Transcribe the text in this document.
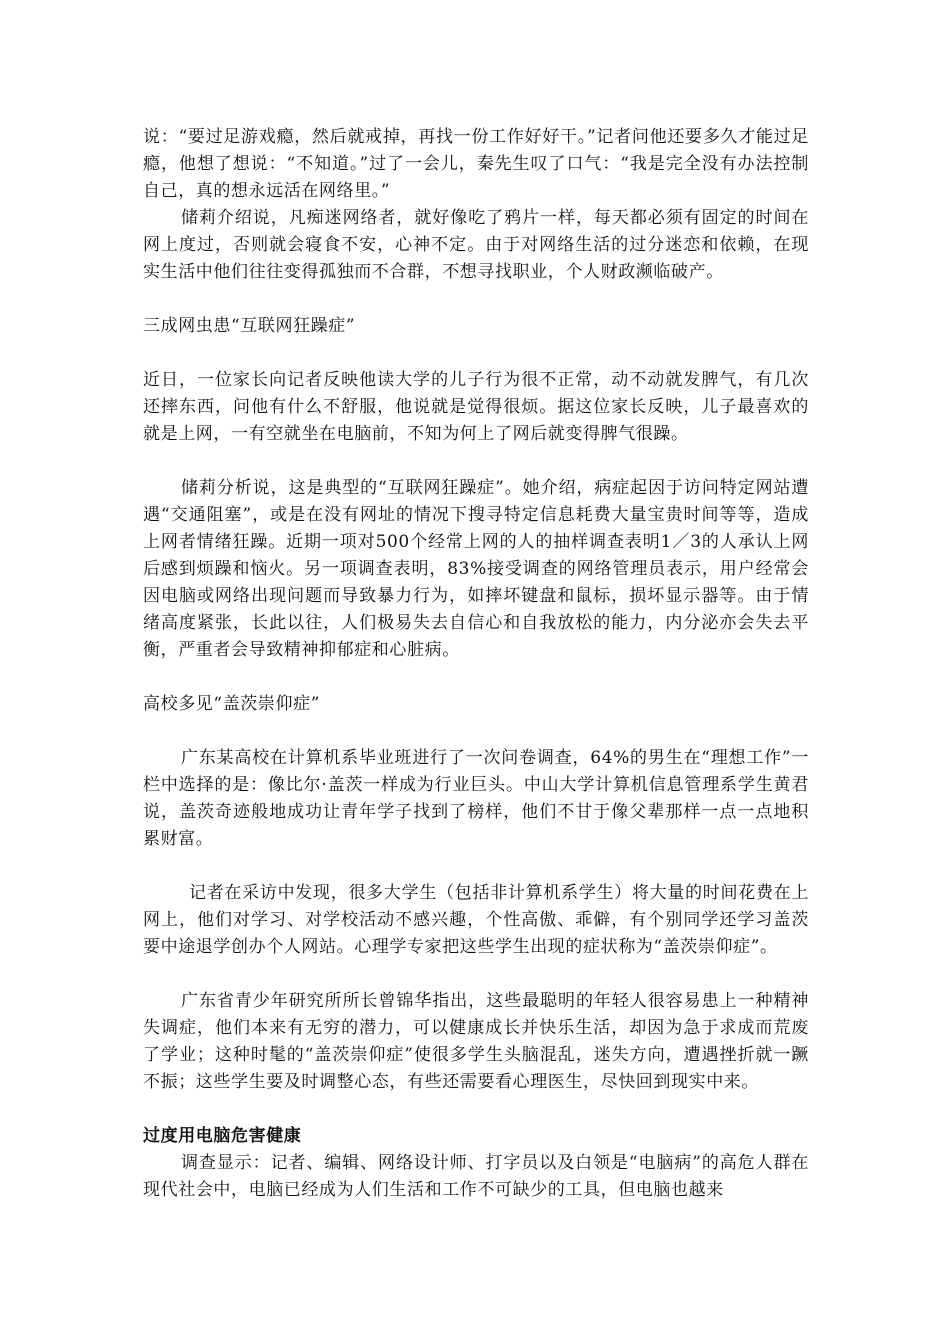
说：“要过足游戏瘾，然后就戒掉，再找一份工作好好干。”记者问他还要多久才能过足瘾，他想了想说：“不知道。”过了一会儿，秦先生叹了口气：“我是完全没有办法控制自己，真的想永远活在网络里。”

储莉介绍说，凡痴迷网络者，就好像吃了鸦片一样，每天都必须有固定的时间在网上度过，否则就会寝食不安，心神不定。由于对网络生活的过分迷恋和依赖，在现实生活中他们往往变得孤独而不合群，不想寻找职业，个人财政濒临破产。

三成网虫患“互联网狂躁症”

近日，一位家长向记者反映他读大学的儿子行为很不正常，动不动就发脾气，有几次还摔东西，问他有什么不舒服，他说就是觉得很烦。据这位家长反映，儿子最喜欢的就是上网，一有空就坐在电脑前，不知为何上了网后就变得脾气很躁。

储莉分析说，这是典型的“互联网狂躁症”。她介绍，病症起因于访问特定网站遭遇“交通阻塞”，或是在没有网址的情况下搜寻特定信息耗费大量宝贵时间等等，造成上网者情绪狂躁。近期一项对500个经常上网的人的抽样调查表明1／3的人承认上网后感到烦躁和恼火。另一项调查表明，83%接受调查的网络管理员表示，用户经常会因电脑或网络出现问题而导致暴力行为，如摔坏键盘和鼠标，损坏显示器等。由于情绪高度紧张，长此以往，人们极易失去自信心和自我放松的能力，内分泌亦会失去平衡，严重者会导致精神抑郁症和心脏病。

高校多见“盖茨崇仰症”

广东某高校在计算机系毕业班进行了一次问卷调查，64%的男生在“理想工作”一栏中选择的是：像比尔·盖茨一样成为行业巨头。中山大学计算机信息管理系学生黄君说，盖茨奇迹般地成功让青年学子找到了榜样，他们不甘于像父辈那样一点一点地积累财富。

记者在采访中发现，很多大学生（包括非计算机系学生）将大量的时间花费在上网上，他们对学习、对学校活动不感兴趣，个性高傲、乖僻，有个别同学还学习盖茨要中途退学创办个人网站。心理学专家把这些学生出现的症状称为“盖茨崇仰症”。

广东省青少年研究所所长曾锦华指出，这些最聪明的年轻人很容易患上一种精神失调症，他们本来有无穷的潜力，可以健康成长并快乐生活，却因为急于求成而荒废了学业；这种时髦的“盖茨崇仰症”使很多学生头脑混乱，迷失方向，遭遇挫折就一蹶不振；这些学生要及时调整心态，有些还需要看心理医生，尽快回到现实中来。

过度用电脑危害健康

调查显示：记者、编辑、网络设计师、打字员以及白领是“电脑病”的高危人群在现代社会中，电脑已经成为人们生活和工作不可缺少的工具，但电脑也越来
